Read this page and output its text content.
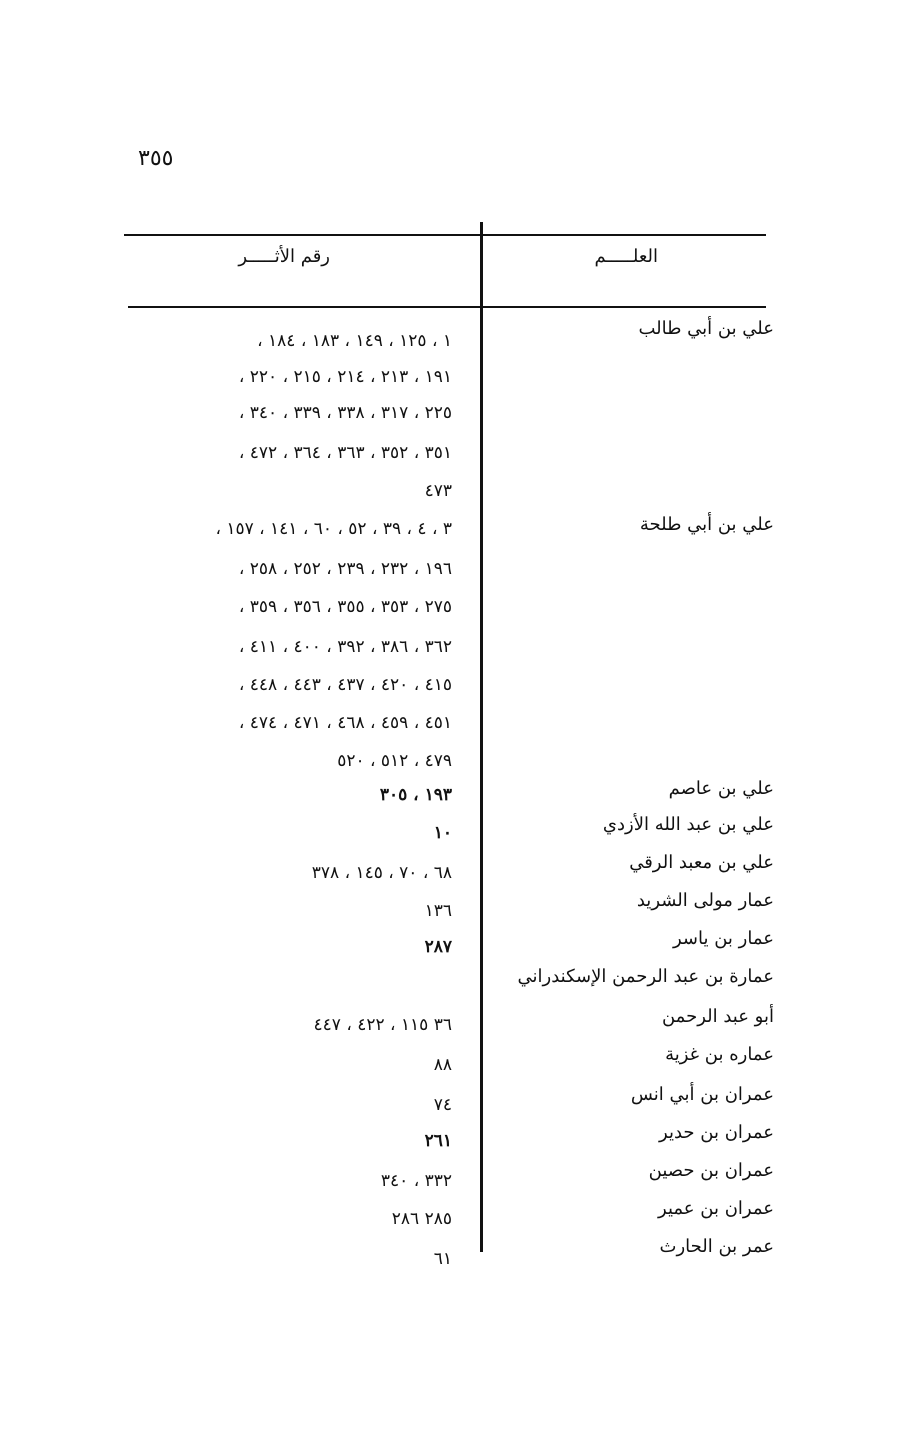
٣٥٥
العلـــــم
رقم الأثـــــر
علي بن أبي طالب
١ ، ١٢٥ ، ١٤٩ ، ١٨٣ ، ١٨٤ ،
١٩١ ، ٢١٣ ، ٢١٤ ، ٢١٥ ، ٢٢٠ ،
٢٢٥ ، ٣١٧ ، ٣٣٨ ، ٣٣٩ ، ٣٤٠ ،
٣٥١ ، ٣٥٢ ، ٣٦٣ ، ٣٦٤ ، ٤٧٢ ،
٤٧٣
علي بن أبي طلحة
٣ ، ٤ ، ٣٩ ، ٥٢ ، ٦٠ ، ١٤١ ، ١٥٧ ،
١٩٦ ، ٢٣٢ ، ٢٣٩ ، ٢٥٢ ، ٢٥٨ ،
٢٧٥ ، ٣٥٣ ، ٣٥٥ ، ٣٥٦ ، ٣٥٩ ،
٣٦٢ ، ٣٨٦ ، ٣٩٢ ، ٤٠٠ ، ٤١١ ،
٤١٥ ، ٤٢٠ ، ٤٣٧ ، ٤٤٣ ، ٤٤٨ ،
٤٥١ ، ٤٥٩ ، ٤٦٨ ، ٤٧١ ، ٤٧٤ ،
٤٧٩ ، ٥١٢ ، ٥٢٠
علي بن عاصم
١٩٣ ، ٣٠٥
علي بن عبد الله الأزدي
١٠
علي بن معبد الرقي
٦٨ ، ٧٠ ، ١٤٥ ، ٣٧٨
عمار مولى الشريد
١٣٦
عمار بن ياسر
٢٨٧
عمارة بن عبد الرحمن الإسكندراني
أبو عبد الرحمن
٣٦ ١١٥ ، ٤٢٢ ، ٤٤٧
عماره بن غزية
٨٨
عمران بن أبي انس
٧٤
عمران بن حدير
٢٦١
عمران بن حصين
٣٣٢ ، ٣٤٠
عمران بن عمير
٢٨٥ ٢٨٦
عمر بن الحارث
٦١
